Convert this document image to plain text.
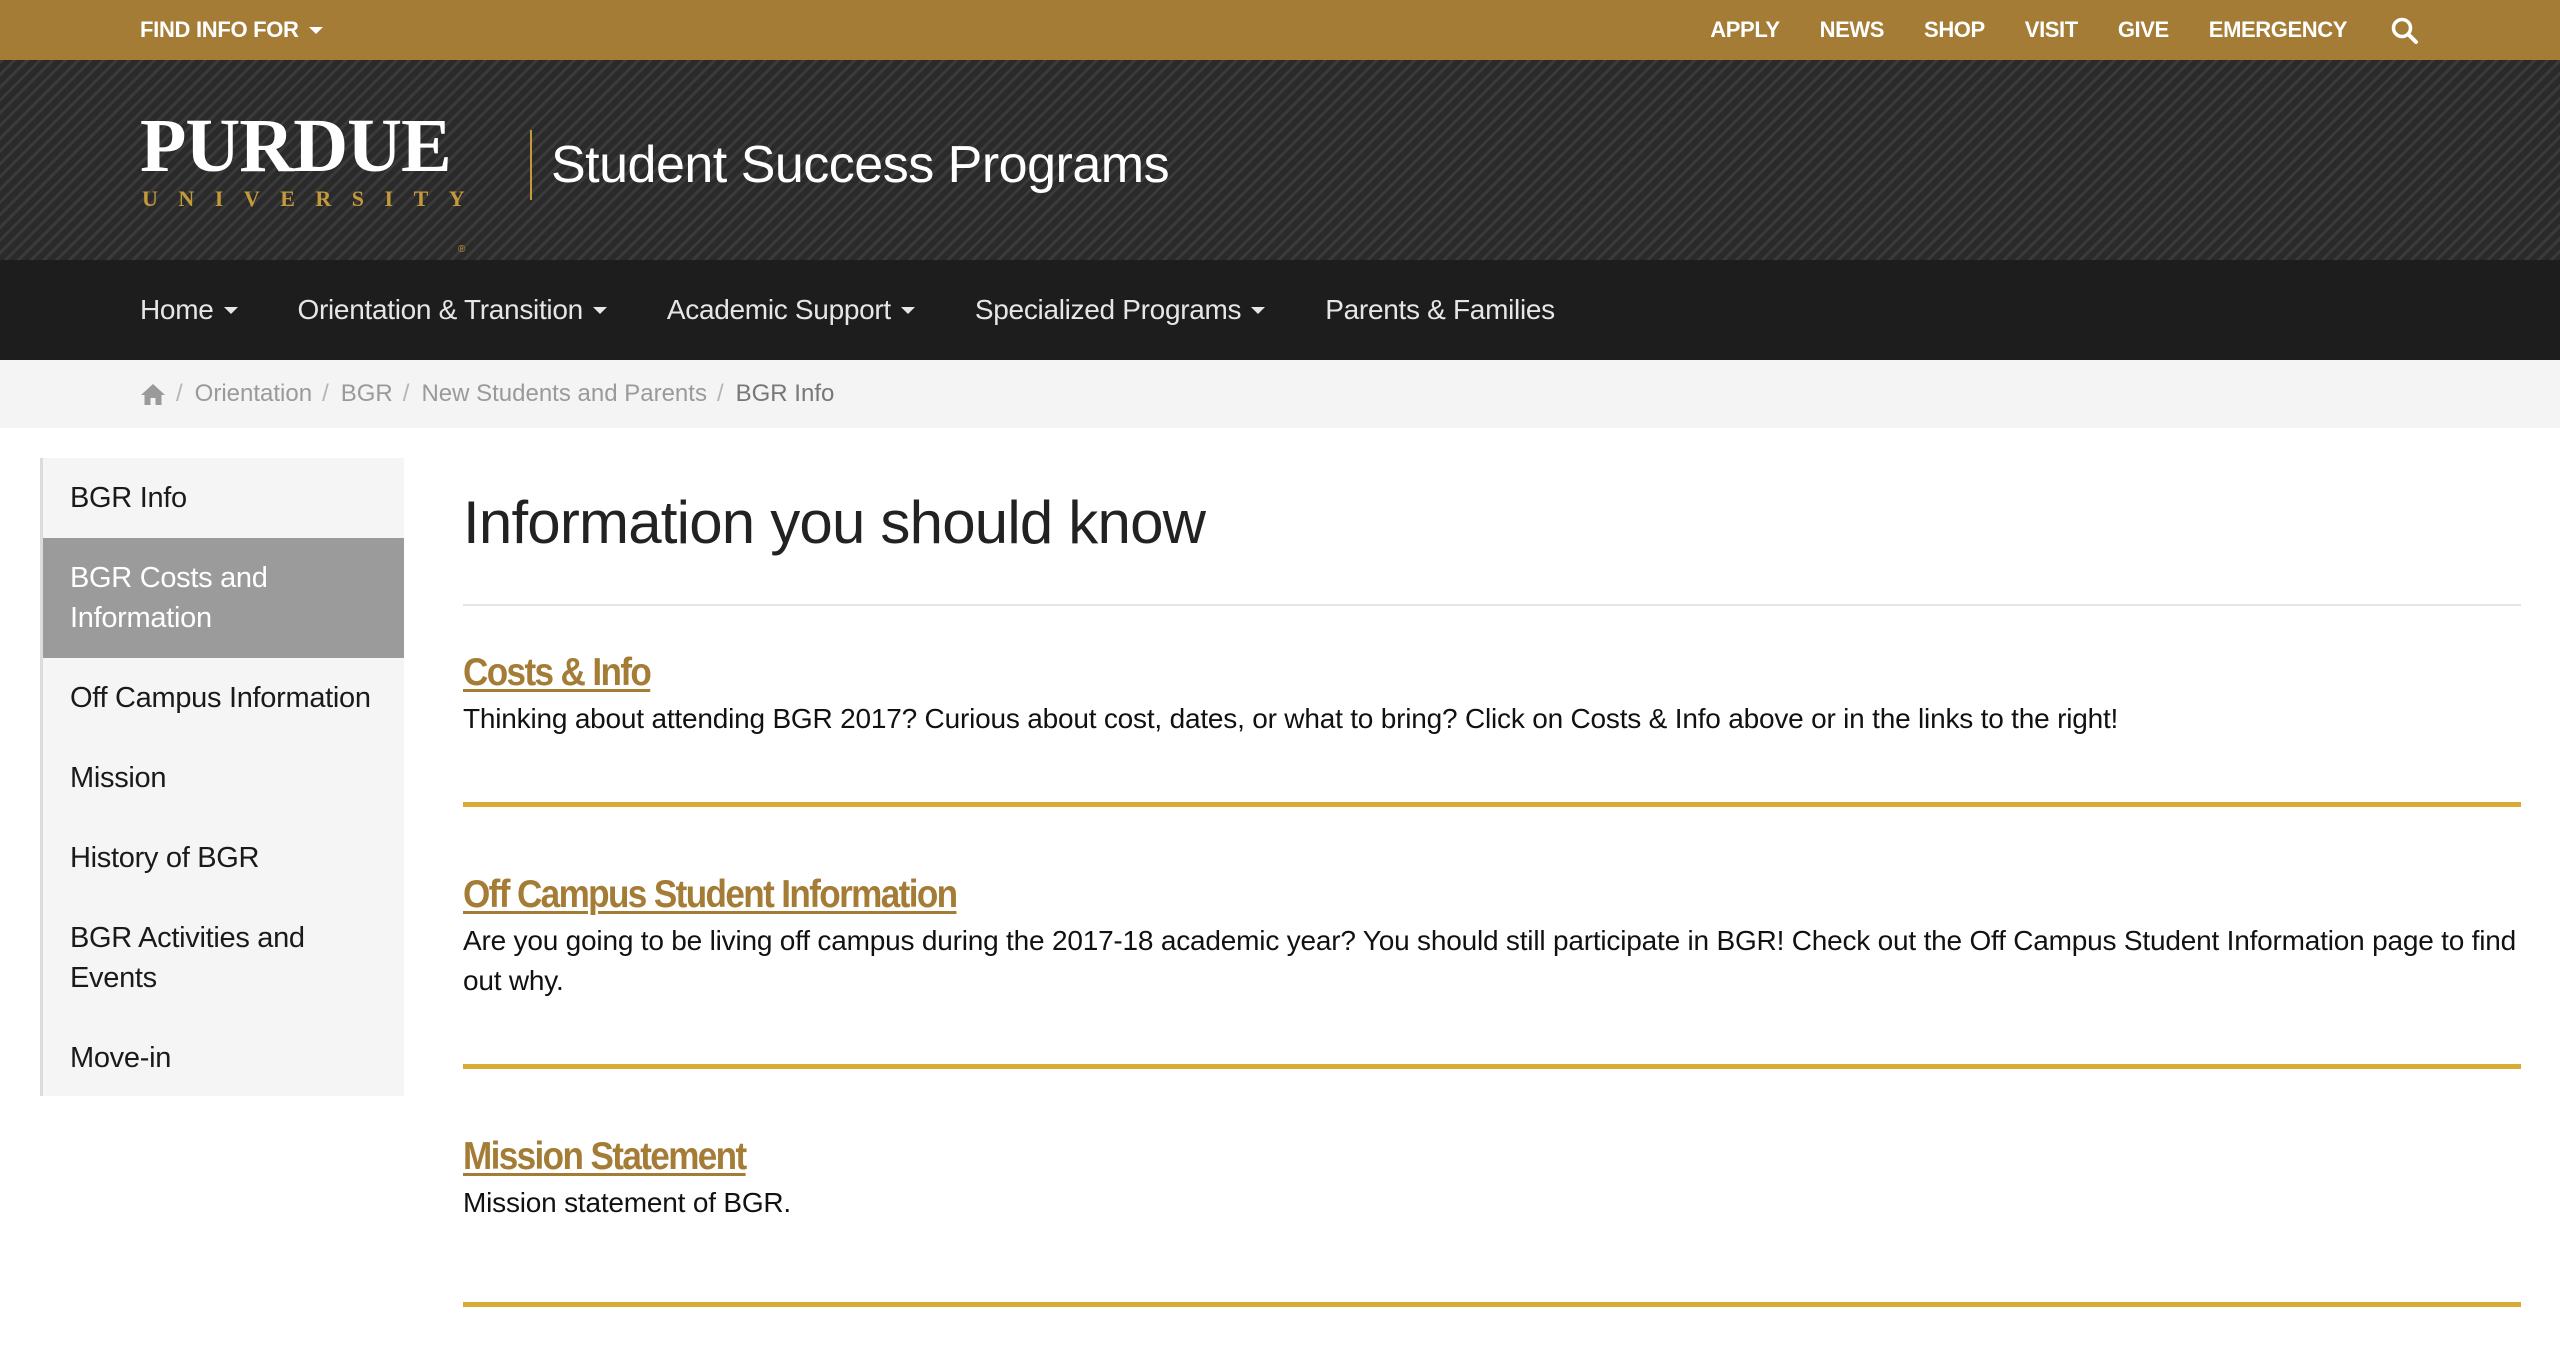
FIND INFO FOR	APPLY NEWS SHOP VISIT GIVE EMERGENCY
PURDUE
UNIVERSITY
®
Student Success Programs
Home	Orientation & Transition	Academic Support	Specialized Programs	Parents & Families
/ Orientation / BGR / New Students and Parents / BGR Info
BGR Info
BGR Costs and Information
Off Campus Information
Mission
History of BGR
BGR Activities and Events
Move-in
Information you should know
Costs & Info

Thinking about attending BGR 2017? Curious about cost, dates, or what to bring? Click on Costs & Info above or in the links to the right!

Off Campus Student Information

Are you going to be living off campus during the 2017-18 academic year? You should still participate in BGR! Check out the Off Campus Student Information page to find out why.

Mission Statement

Mission statement of BGR.
